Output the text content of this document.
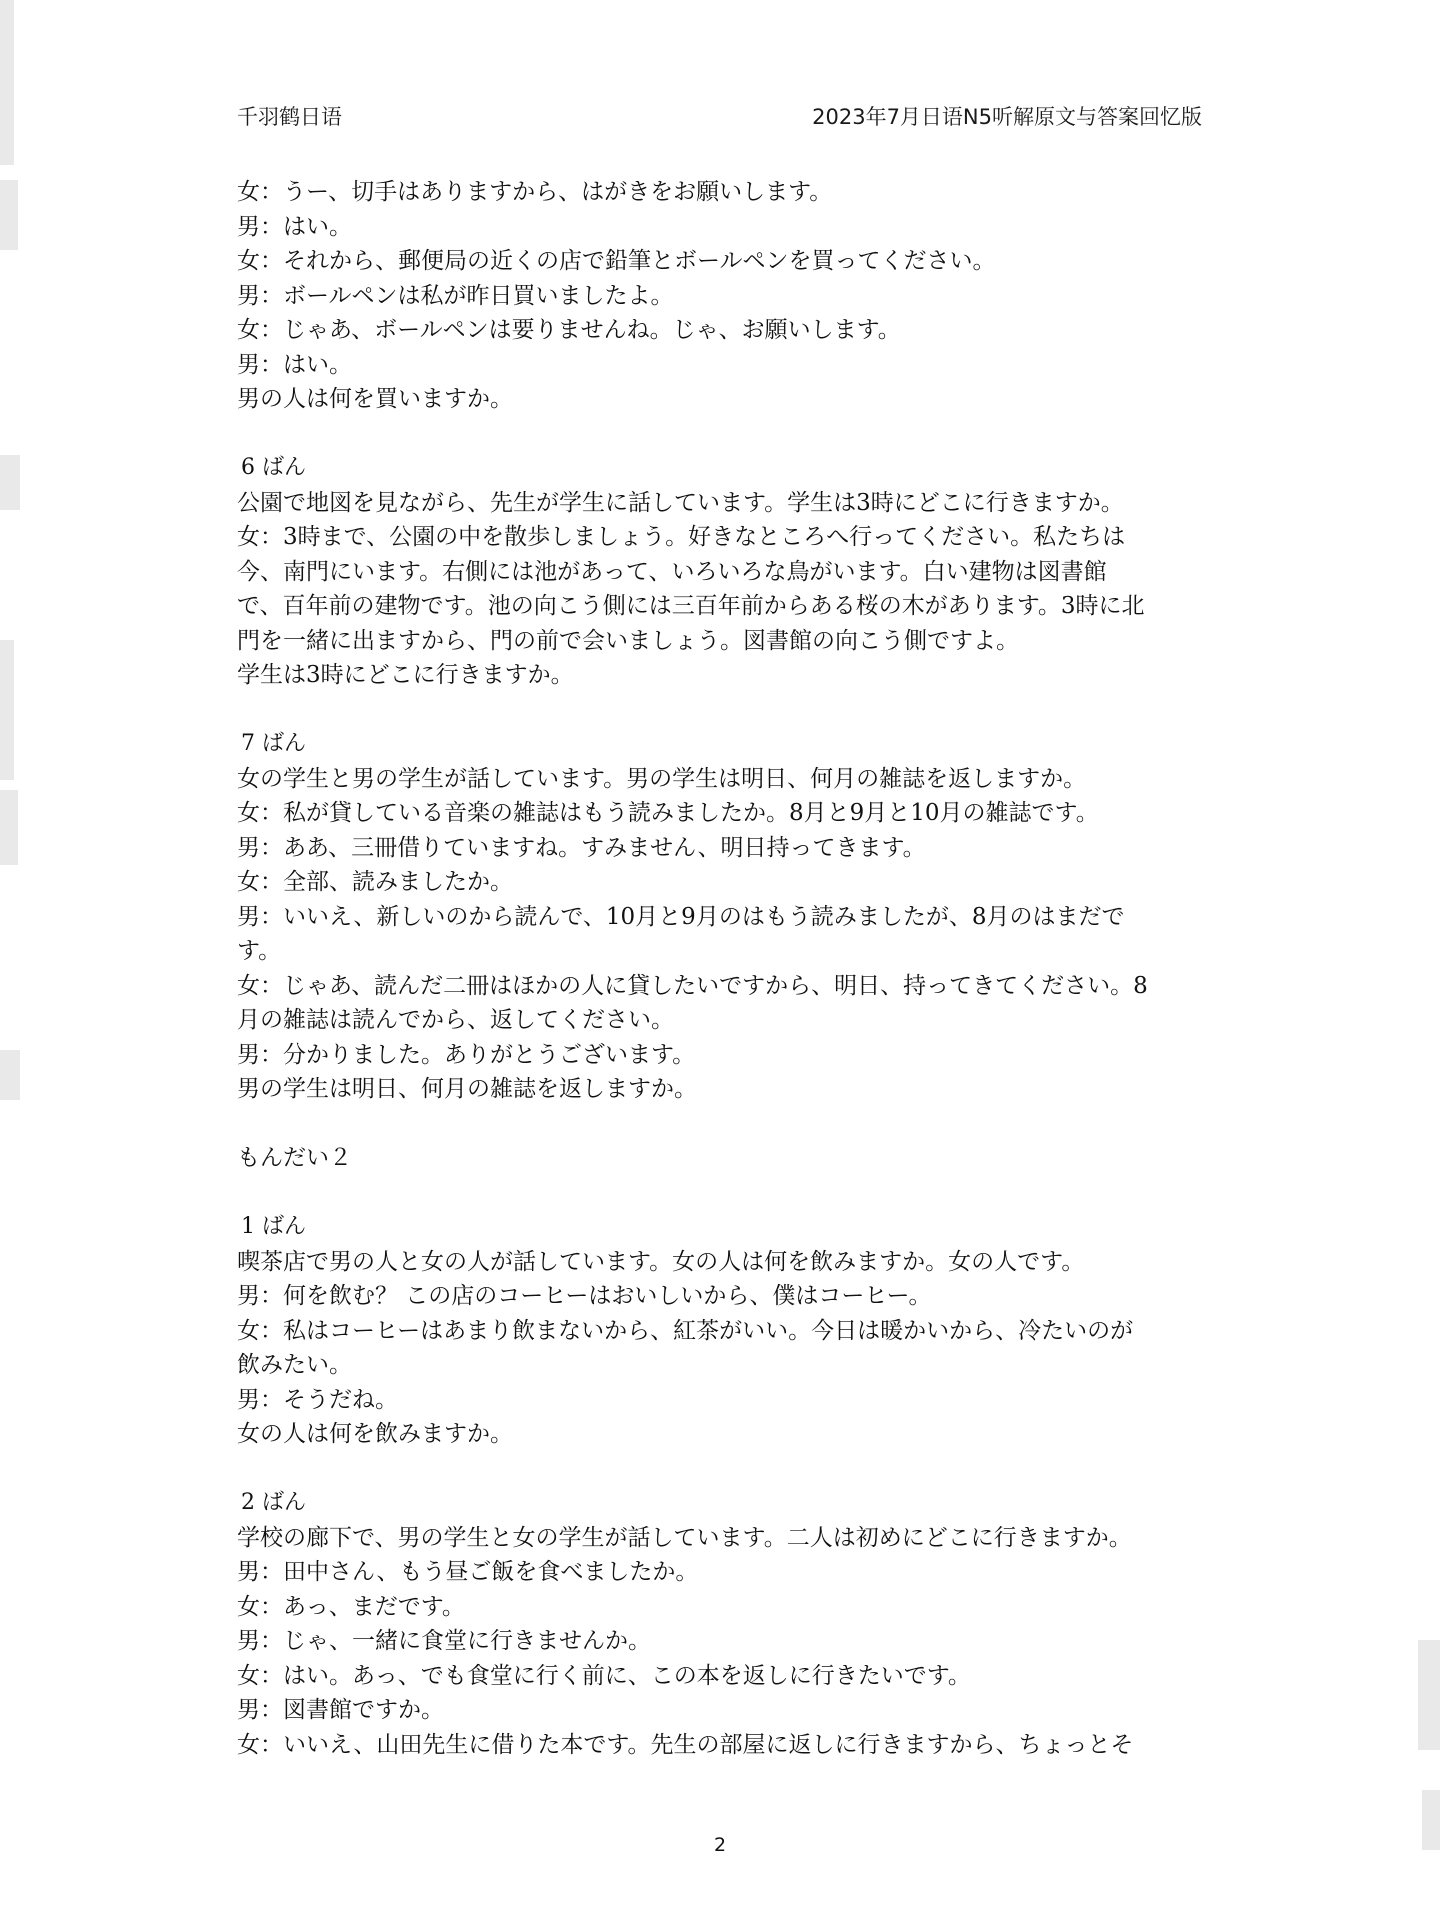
千羽鹤日语	2023年7月日语N5听解原文与答案回忆版
女：うー、切手はありますから、はがきをお願いします。
男：はい。
女：それから、郵便局の近くの店で鉛筆とボールペンを買ってください。
男：ボールペンは私が昨日買いましたよ。
女：じゃあ、ボールペンは要りませんね。じゃ、お願いします。
男：はい。
男の人は何を買いますか。
6 ばん
公園で地図を見ながら、先生が学生に話しています。学生は3時にどこに行きますか。
女：3時まで、公園の中を散歩しましょう。好きなところへ行ってください。私たちは
今、南門にいます。右側には池があって、いろいろな鳥がいます。白い建物は図書館
で、百年前の建物です。池の向こう側には三百年前からある桜の木があります。3時に北
門を一緒に出ますから、門の前で会いましょう。図書館の向こう側ですよ。
学生は3時にどこに行きますか。
7 ばん
女の学生と男の学生が話しています。男の学生は明日、何月の雑誌を返しますか。
女：私が貸している音楽の雑誌はもう読みましたか。8月と9月と10月の雑誌です。
男：ああ、三冊借りていますね。すみません、明日持ってきます。
女：全部、読みましたか。
男：いいえ、新しいのから読んで、10月と9月のはもう読みましたが、8月のはまだで
す。
女：じゃあ、読んだ二冊はほかの人に貸したいですから、明日、持ってきてください。8
月の雑誌は読んでから、返してください。
男：分かりました。ありがとうございます。
男の学生は明日、何月の雑誌を返しますか。
もんだい２
1 ばん
喫茶店で男の人と女の人が話しています。女の人は何を飲みますか。女の人です。
男：何を飲む？ この店のコーヒーはおいしいから、僕はコーヒー。
女：私はコーヒーはあまり飲まないから、紅茶がいい。今日は暖かいから、冷たいのが
飲みたい。
男：そうだね。
女の人は何を飲みますか。
2 ばん
学校の廊下で、男の学生と女の学生が話しています。二人は初めにどこに行きますか。
男：田中さん、もう昼ご飯を食べましたか。
女：あっ、まだです。
男：じゃ、一緒に食堂に行きませんか。
女：はい。あっ、でも食堂に行く前に、この本を返しに行きたいです。
男：図書館ですか。
女：いいえ、山田先生に借りた本です。先生の部屋に返しに行きますから、ちょっとそ
2
